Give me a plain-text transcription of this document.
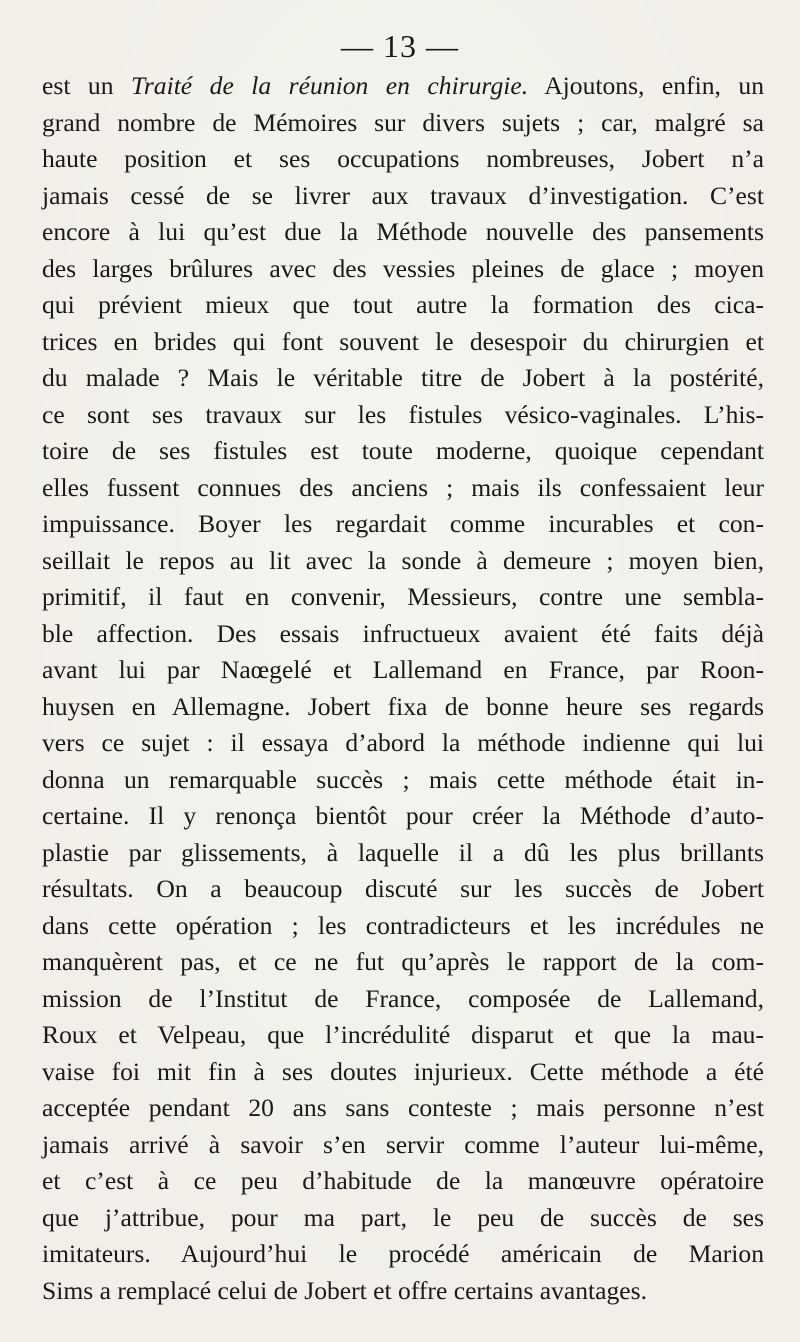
— 13 —
est un Traité de la réunion en chirurgie. Ajoutons, enfin, un
grand nombre de Mémoires sur divers sujets ; car, malgré sa
haute position et ses occupations nombreuses, Jobert n’a
jamais cessé de se livrer aux travaux d’investigation. C’est
encore à lui qu’est due la Méthode nouvelle des pansements
des larges brûlures avec des vessies pleines de glace ; moyen
qui prévient mieux que tout autre la formation des cica-
trices en brides qui font souvent le desespoir du chirurgien et
du malade ? Mais le véritable titre de Jobert à la postérité,
ce sont ses travaux sur les fistules vésico-vaginales. L’his-
toire de ses fistules est toute moderne, quoique cependant
elles fussent connues des anciens ; mais ils confessaient leur
impuissance. Boyer les regardait comme incurables et con-
seillait le repos au lit avec la sonde à demeure ; moyen bien,
primitif, il faut en convenir, Messieurs, contre une sembla-
ble affection. Des essais infructueux avaient été faits déjà
avant lui par Naœgelé et Lallemand en France, par Roon-
huysen en Allemagne. Jobert fixa de bonne heure ses regards
vers ce sujet : il essaya d’abord la méthode indienne qui lui
donna un remarquable succès ; mais cette méthode était in-
certaine. Il y renonça bientôt pour créer la Méthode d’auto-
plastie par glissements, à laquelle il a dû les plus brillants
résultats. On a beaucoup discuté sur les succès de Jobert
dans cette opération ; les contradicteurs et les incrédules ne
manquèrent pas, et ce ne fut qu’après le rapport de la com-
mission de l’Institut de France, composée de Lallemand,
Roux et Velpeau, que l’incrédulité disparut et que la mau-
vaise foi mit fin à ses doutes injurieux. Cette méthode a été
acceptée pendant 20 ans sans conteste ; mais personne n’est
jamais arrivé à savoir s’en servir comme l’auteur lui-même,
et c’est à ce peu d’habitude de la manœuvre opératoire
que j’attribue, pour ma part, le peu de succès de ses
imitateurs. Aujourd’hui le procédé américain de Marion
Sims a remplacé celui de Jobert et offre certains avantages.
